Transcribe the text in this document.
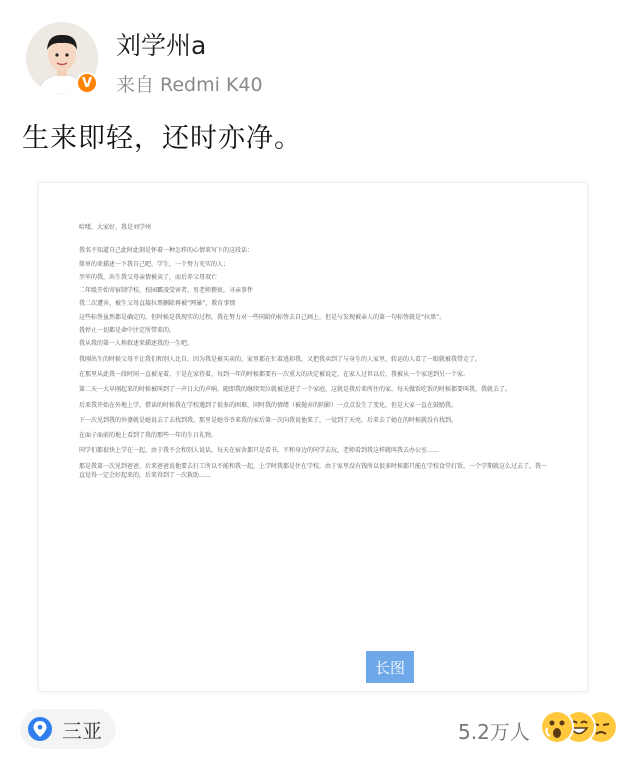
V
刘学州a
来自 Redmi K40
生来即轻，还时亦净。

哈喽，大家好，我是刘学州

我名不知道自己此时此刻是怀着一种怎样的心情来写下的这段话：

简单的来描述一下我自己吧，学生，一个努力充实的人；

坐牢的我，出生我父母亲情被卖了，而后养父母双亡

二年级开始寄宿制学校，校园霸凌受害者，男老师猥亵，寻亲事件

我二次遭弃，被生父母直接拉黑删除再被“网暴”，教育事情

这些标签虽然都是确定的，但时候是我现实的过程，我在努力对一些同龄的标签去自己画上，但是与发现被亲人的第一句标签就是“拉黑”。

我停止一切都是命中注定所带来的。

我从我的第一人称叙述来描述我的一生吧。

我刚出生的时候父母不让我们和别人比自，因为我是被买卖的，家里都在忙着逃掉我，又把我卖到了与身生的人家里，转运的人看了一眼就被我带走了。

在那里从此我一段时间一直被宠着，于是在家待着，每到一年的时候都要有一次重大的决定被说定，在家人过世以后，我被从一个家送到另一个家。

第二天一大早刚起来的时候被叫到了一声日大的声响，随即我的继续哭泣就被送进了一个家庭，这就是我后来所住的家，每天做饭吃饭的时候都要叫我，我就去了。

后来我开始在外地上学，借读的时候我在学校遇到了很多的困难，同时我的情绪（被抛弃的阴影）一点点发生了变化，但是大家一直在鼓励我。

下一次见到我的外婆就是她说去了去找到我。那里是她爷爷来我的家后第一次向我说他来了，一觉到了天亮，后来去了她在的时候就没有找到。

在面子面前的地上看到了我的那些一年的生日礼物。

同学们都很快上学在一起，由于我不会和别人说话，每天在宿舍都只是看书，不和身边的同学去玩，老师看到我这样就叫我去办公室……

那是我第一次见到爸爸，后来爸爸说他要去打工所以不能和我一起，上学时我都是住在学校，由于家里没有钱所以很多时候都只能在学校食堂打饭，一个学期就这么过去了，我一直觉得一定会好起来的，后来得到了一次救助……

长图
三亚	5.2万人
